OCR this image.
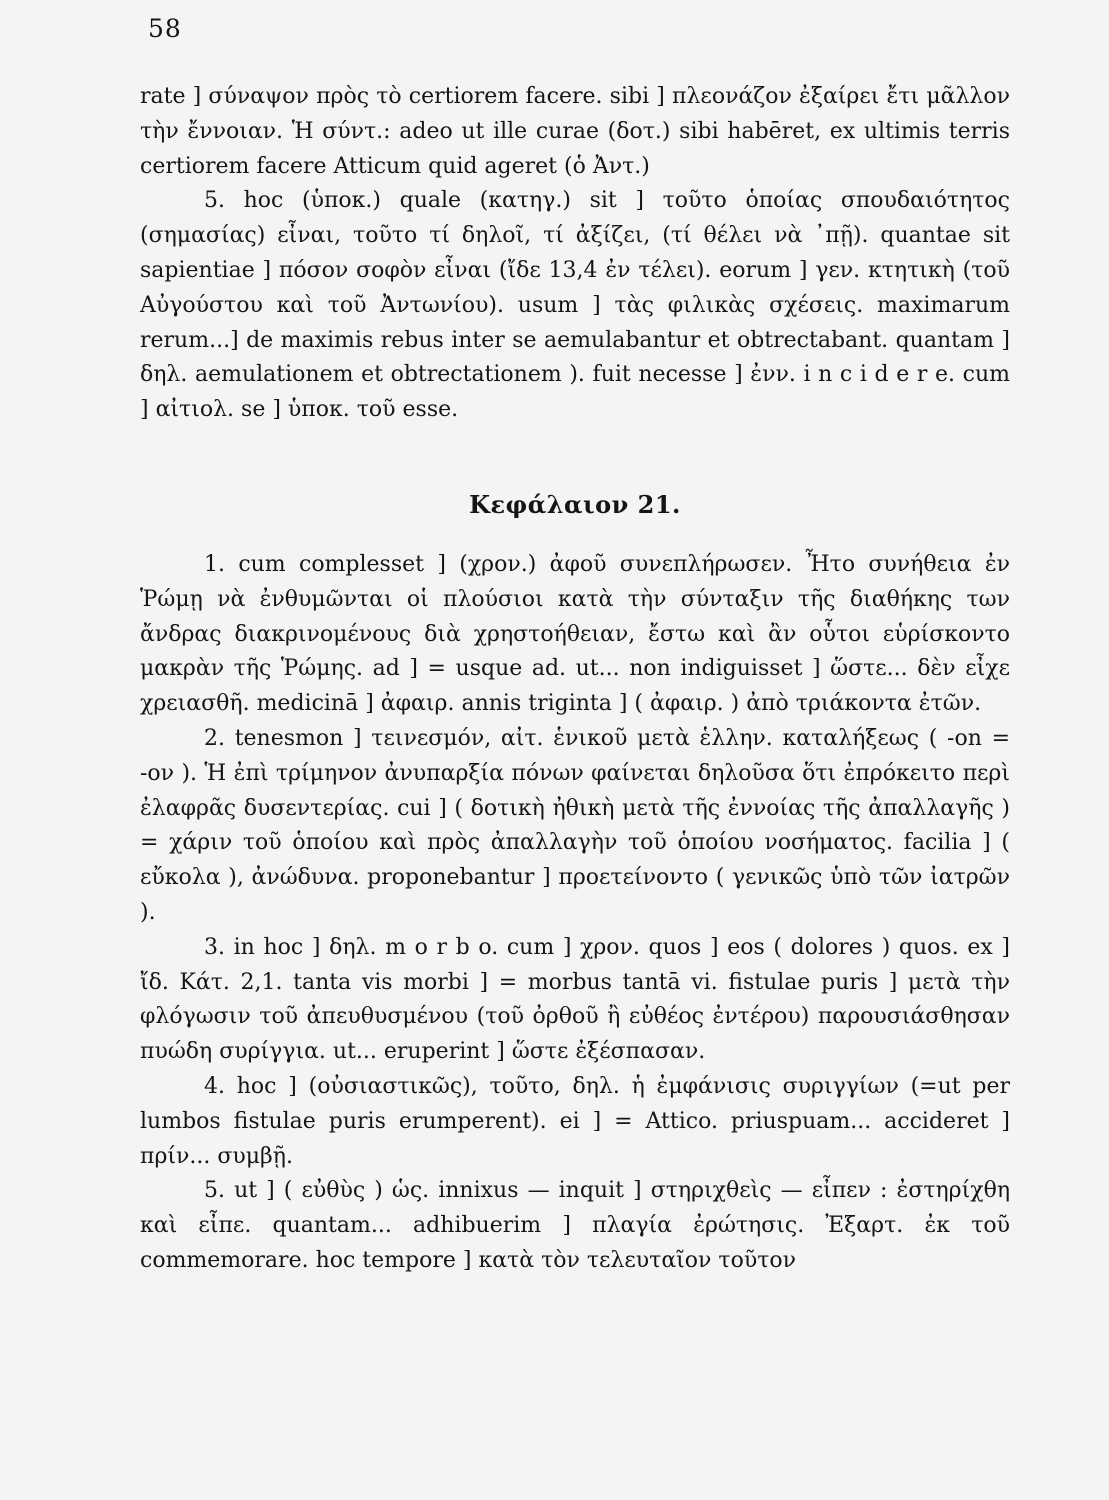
58

rate ] σύναψον πρὸς τὸ certiorem facere. sibi ] πλεονάζον ἐξαίρει ἔτι μᾶλλον τὴν ἔννοιαν. Ἡ σύντ.: adeo ut ille curae (δοτ.) sibi habēret, ex ultimis terris certiorem facere Atticum quid ageret (ὁ Ἀντ.)

5. hoc (ὑποκ.) quale (κατηγ.) sit ] τοῦτο ὁποίας σπουδαιότητος (σημασίας) εἶναι, τοῦτο τί δηλοῖ, τί ἀξίζει, (τί θέλει νὰ ᾽πῇ). quantae sit sapientiae ] πόσον σοφὸν εἶναι (ἴδε 13,4 ἐν τέλει). eorum ] γεν. κτητικὴ (τοῦ Αὐγούστου καὶ τοῦ Ἀντωνίου). usum ] τὰς φιλικὰς σχέσεις. maximarum rerum...] de maximis rebus inter se aemulabantur et obtrectabant. quantam ] δηλ. aemulationem et obtrectationem ). fuit necesse ] ἐνν. i n c i d e r e. cum ] αἰτιολ. se ] ὑποκ. τοῦ esse.

Κεφάλαιον 21.

1. cum complesset ] (χρον.) ἀφοῦ συνεπλήρωσεν. Ἦτο συνήθεια ἐν Ῥώμῃ νὰ ἐνθυμῶνται οἱ πλούσιοι κατὰ τὴν σύνταξιν τῆς διαθήκης των ἄνδρας διακρινομένους διὰ χρηστοήθειαν, ἔστω καὶ ἂν οὗτοι εὑρίσκοντο μακρὰν τῆς Ῥώμης. ad ] = usque ad. ut... non indiguisset ] ὥστε... δὲν εἶχε χρειασθῆ. medicinā ] ἀφαιρ. annis triginta ] ( ἀφαιρ. ) ἀπὸ τριάκοντα ἐτῶν.

2. tenesmon ] τεινεσμόν, αἰτ. ἑνικοῦ μετὰ ἑλλην. καταλήξεως ( -on = -ον ). Ἡ ἐπὶ τρίμηνον ἀνυπαρξία πόνων φαίνεται δηλοῦσα ὅτι ἐπρόκειτο περὶ ἐλαφρᾶς δυσεντερίας. cui ] ( δοτικὴ ἠθικὴ μετὰ τῆς ἐννοίας τῆς ἀπαλλαγῆς ) = χάριν τοῦ ὁποίου καὶ πρὸς ἀπαλλαγὴν τοῦ ὁποίου νοσήματος. facilia ] ( εὔκολα ), ἀνώδυνα. proponebantur ] προετείνοντο ( γενικῶς ὑπὸ τῶν ἰατρῶν ).

3. in hoc ] δηλ. m o r b o. cum ] χρον. quos ] eos ( dolores ) quos. ex ] ἴδ. Κάτ. 2,1. tanta vis morbi ] = morbus tantā vi. fistulae puris ] μετὰ τὴν φλόγωσιν τοῦ ἀπευθυσμένου (τοῦ ὀρθοῦ ἢ εὐθέος ἐντέρου) παρουσιάσθησαν πυώδη συρίγγια. ut... eruperint ] ὥστε ἐξέσπασαν.

4. hoc ] (οὐσιαστικῶς), τοῦτο, δηλ. ἡ ἐμφάνισις συριγγίων (=ut per lumbos fistulae puris erumperent). ei ] = Attico. priuspuam... accideret ] πρίν... συμβῇ.

5. ut ] ( εὐθὺς ) ὡς. innixus — inquit ] στηριχθεὶς — εἶπεν : ἐστηρίχθη καὶ εἶπε. quantam... adhibuerim ] πλαγία ἐρώτησις. Ἐξαρτ. ἐκ τοῦ commemorare. hoc tempore ] κατὰ τὸν τελευταῖον τοῦτον
